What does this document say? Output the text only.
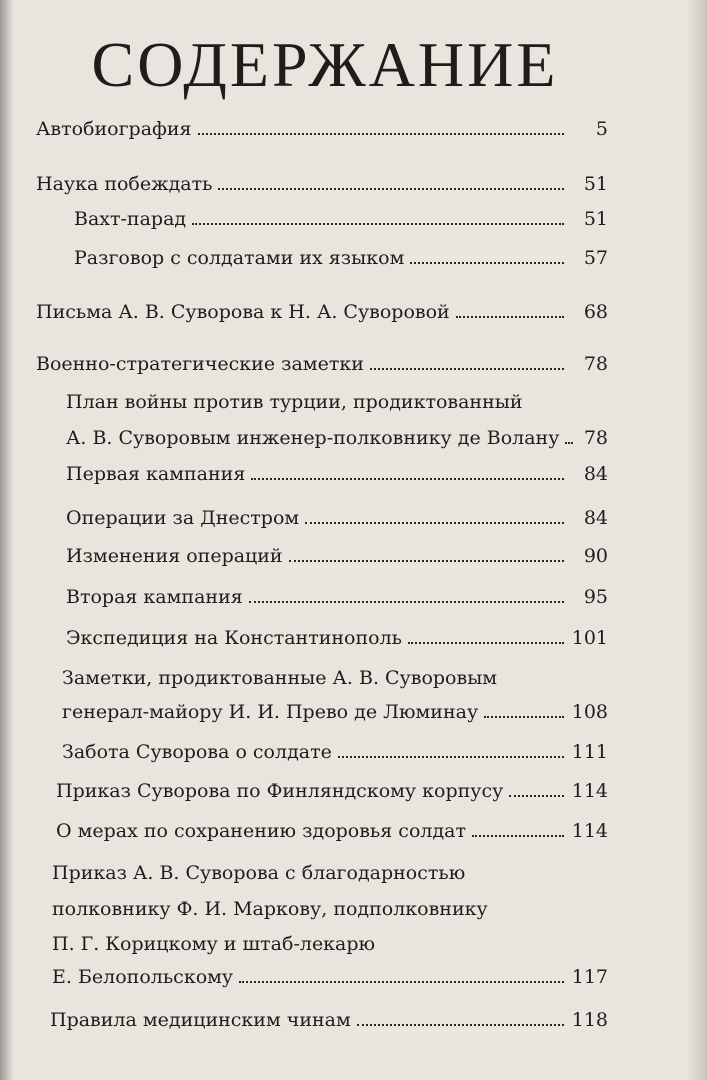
СОДЕРЖАНИЕ
Автобиография	5
Наука побеждать	51
Вахт-парад	51
Разговор с солдатами их языком	57
Письма А. В. Суворова к Н. А. Суворовой	68
Военно-стратегические заметки	78
План войны против турции, продиктованный
А. В. Суворовым инженер-полковнику де Волану 78
Первая кампания	84
Операции за Днестром	84
Изменения операций	90
Вторая кампания	95
Экспедиция на Константинополь	101
Заметки, продиктованные А. В. Суворовым
генерал-майору И. И. Прево де Люминау	108
Забота Суворова о солдате	111
Приказ Суворова по Финляндскому корпусу	114
О мерах по сохранению здоровья солдат	114
Приказ А. В. Суворова с благодарностью
полковнику Ф. И. Маркову, подполковнику
П. Г. Корицкому и штаб-лекарю
Е. Белопольскому	117
Правила медицинским чинам	118
